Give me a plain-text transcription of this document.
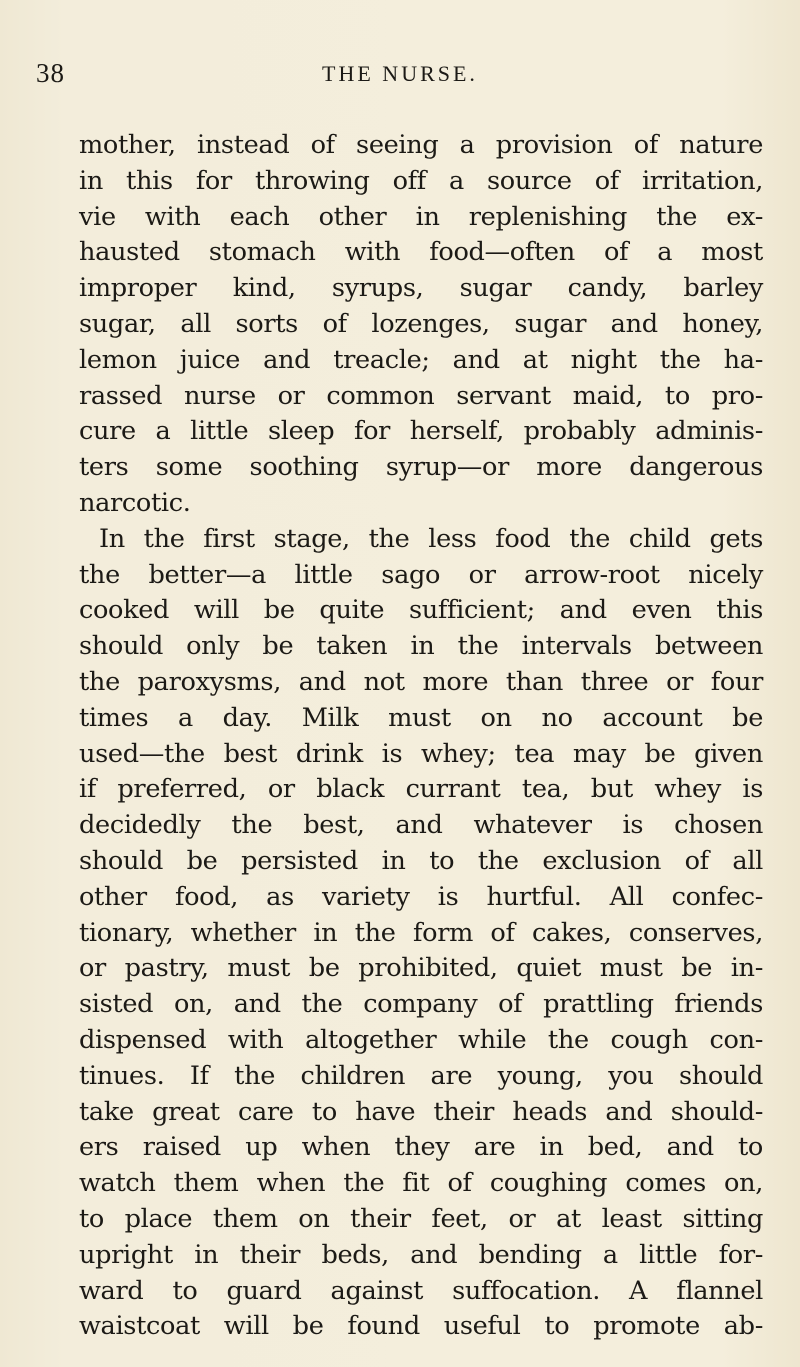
38	THE NURSE.
mother, instead of seeing a provision of nature
in this for throwing off a source of irritation,
vie with each other in replenishing the ex-
hausted stomach with food—often of a most
improper kind, syrups, sugar candy, barley
sugar, all sorts of lozenges, sugar and honey,
lemon juice and treacle; and at night the ha-
rassed nurse or common servant maid, to pro-
cure a little sleep for herself, probably adminis-
ters some soothing syrup—or more dangerous
narcotic.
In the first stage, the less food the child gets
the better—a little sago or arrow-root nicely
cooked will be quite sufficient; and even this
should only be taken in the intervals between
the paroxysms, and not more than three or four
times a day. Milk must on no account be
used—the best drink is whey; tea may be given
if preferred, or black currant tea, but whey is
decidedly the best, and whatever is chosen
should be persisted in to the exclusion of all
other food, as variety is hurtful. All confec-
tionary, whether in the form of cakes, conserves,
or pastry, must be prohibited, quiet must be in-
sisted on, and the company of prattling friends
dispensed with altogether while the cough con-
tinues. If the children are young, you should
take great care to have their heads and should-
ers raised up when they are in bed, and to
watch them when the fit of coughing comes on,
to place them on their feet, or at least sitting
upright in their beds, and bending a little for-
ward to guard against suffocation. A flannel
waistcoat will be found useful to promote ab-
